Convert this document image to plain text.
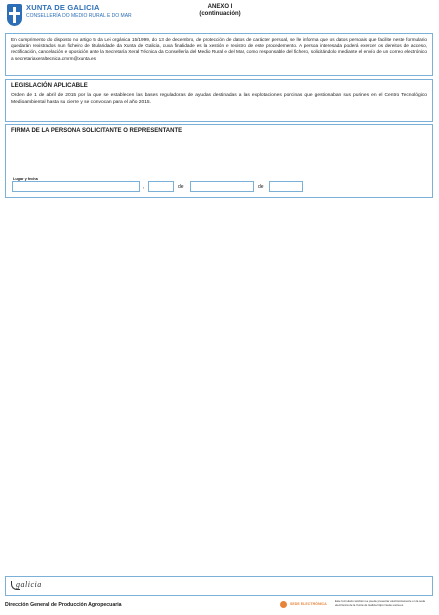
XUNTA DE GALICIA
CONSELLERÍA DO MEDIO RURAL E DO MAR
ANEXO I
(continuación)

En cumprimento do disposto no artigo 5 da Lei orgánica 15/1999, do 13 de decembro, de protección de datos de carácter persoal, se lle informa que os datos persoais que facilite neste formulario quedarán rexistrados nun ficheiro de titularidade da Xunta de Galicia, cuxa finalidade es la xestión e rexistro de este procedemento. A persoa interesada poderá exercer os dereitos de acceso, rectificación, cancelación e oposición ante la Secretaría Xeral Técnica da Consellería del Medio Rural e del Mar, como responsable del fichero, solicitándolo mediante el envío de un correo electrónico a secretariaxeraltecnica.cmrm@xunta.es

LEGISLACIÓN APLICABLE

Orden de 1 de abril de 2015 por la que se establecen las bases reguladoras de ayudas destinadas a las explotaciones porcinas que gestionaban sus purines en el Centro Tecnológico Medioambiental hasta su cierre y se convocan para el año 2015.

FIRMA DE LA PERSONA SOLICITANTE O REPRESENTANTE

Lugar y fecha
,	de	de
galicia
Dirección General de Producción Agropecuaria	SEDE ELECTRÓNICA
Este formulario también se puede presentar electrónicamente en la sede electrónica de la Xunta de Galicia https://sede.xunta.es
